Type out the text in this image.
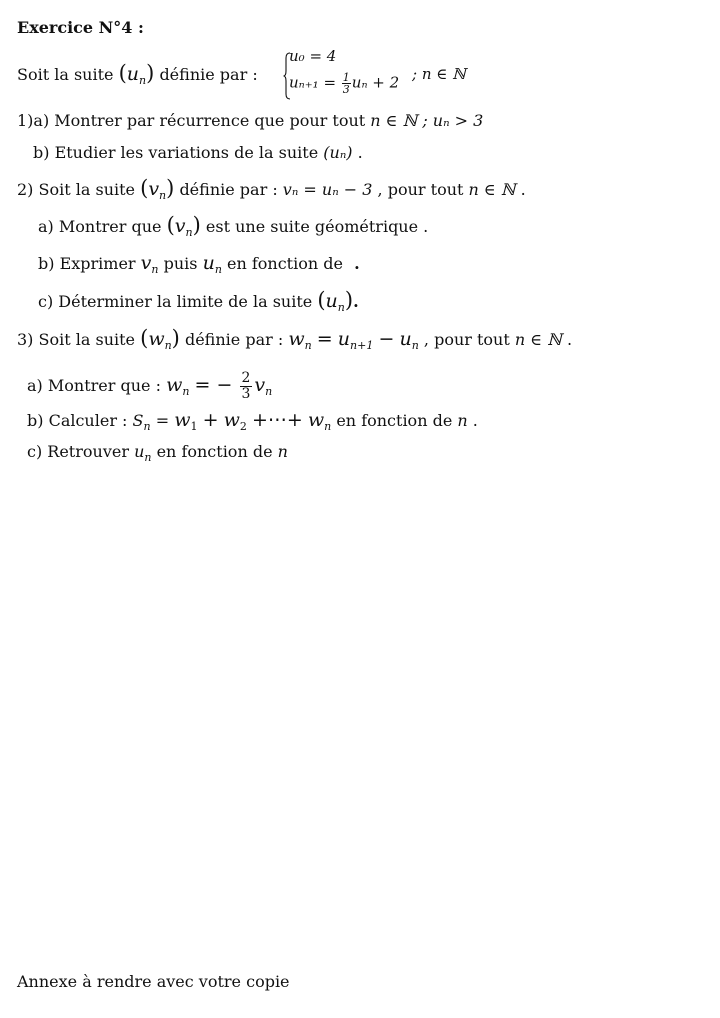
Exercice N°4 :
Soit la suite $(u_n)$ définie par :
u₀ = 4
$u_{n+1} = \frac{1}{3}$ uₙ + 2 ; n ∈ ℕ
1)a) Montrer par récurrence que pour tout n ∈ ℕ ; uₙ > 3
b) Etudier les variations de la suite (uₙ) .
2) Soit la suite $(v_n)$ définie par : vₙ = uₙ − 3 , pour tout n ∈ ℕ .
a) Montrer que $(v_n)$ est une suite géométrique .
b) Exprimer $v_n$ puis $u_n$ en fonction de .
c) Déterminer la limite de la suite $(u_n)$.
3) Soit la suite $(w_n)$ définie par : $w_n = u_{n+1} - u_n$ , pour tout n ∈ ℕ .
a) Montrer que : $w_n$ = − $\frac{2}{3} v_n$
b) Calculer : $S_n = w_1 + w_2$ +⋯+ $w_n$ en fonction de n .
c) Retrouver $u_n$ en fonction de n
Annexe à rendre avec votre copie
